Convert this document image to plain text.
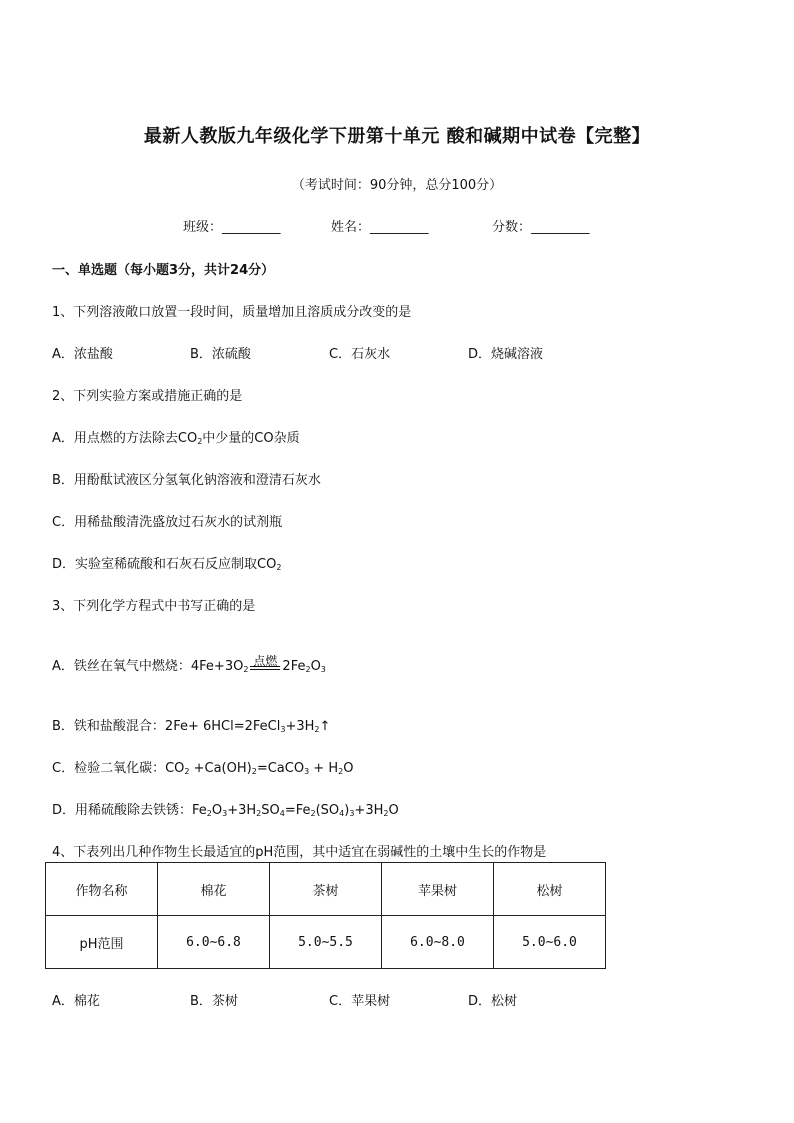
最新人教版九年级化学下册第十单元 酸和碱期中试卷【完整】
（考试时间：90分钟，总分100分）
班级：_________	姓名：_________	分数：_________
一、单选题（每小题3分，共计24分）
1、下列溶液敞口放置一段时间，质量增加且溶质成分改变的是
A．浓盐酸	B．浓硫酸	C．石灰水	D．烧碱溶液
2、下列实验方案或措施正确的是
A．用点燃的方法除去$CO_2$中少量的CO杂质
B．用酚酞试液区分氢氧化钠溶液和澄清石灰水
C．用稀盐酸清洗盛放过石灰水的试剂瓶
D．实验室稀硫酸和石灰石反应制取$CO_2$
3、下列化学方程式中书写正确的是
A．铁丝在氧气中燃烧：$4Fe+3O_2$
点燃 $2Fe_2O_3$
B．铁和盐酸混合：$2Fe+ 6HCl=2FeCl_3+3H_2↑$
C．检验二氧化碳：$CO_2$ $+Ca(OH)_2=CaCO_3 + H_2O$
D．用稀硫酸除去铁锈：$Fe_2O_3+3H_2SO_4=Fe_2(SO_4)_3+3H_2O$
4、下表列出几种作物生长最适宜的pH范围，其中适宜在弱碱性的土壤中生长的作物是
作物名称	棉花	茶树	苹果树	松树
pH范围	6.0~6.8	5.0~5.5	6.0~8.0	5.0~6.0
A．棉花	B．茶树	C．苹果树	D．松树
